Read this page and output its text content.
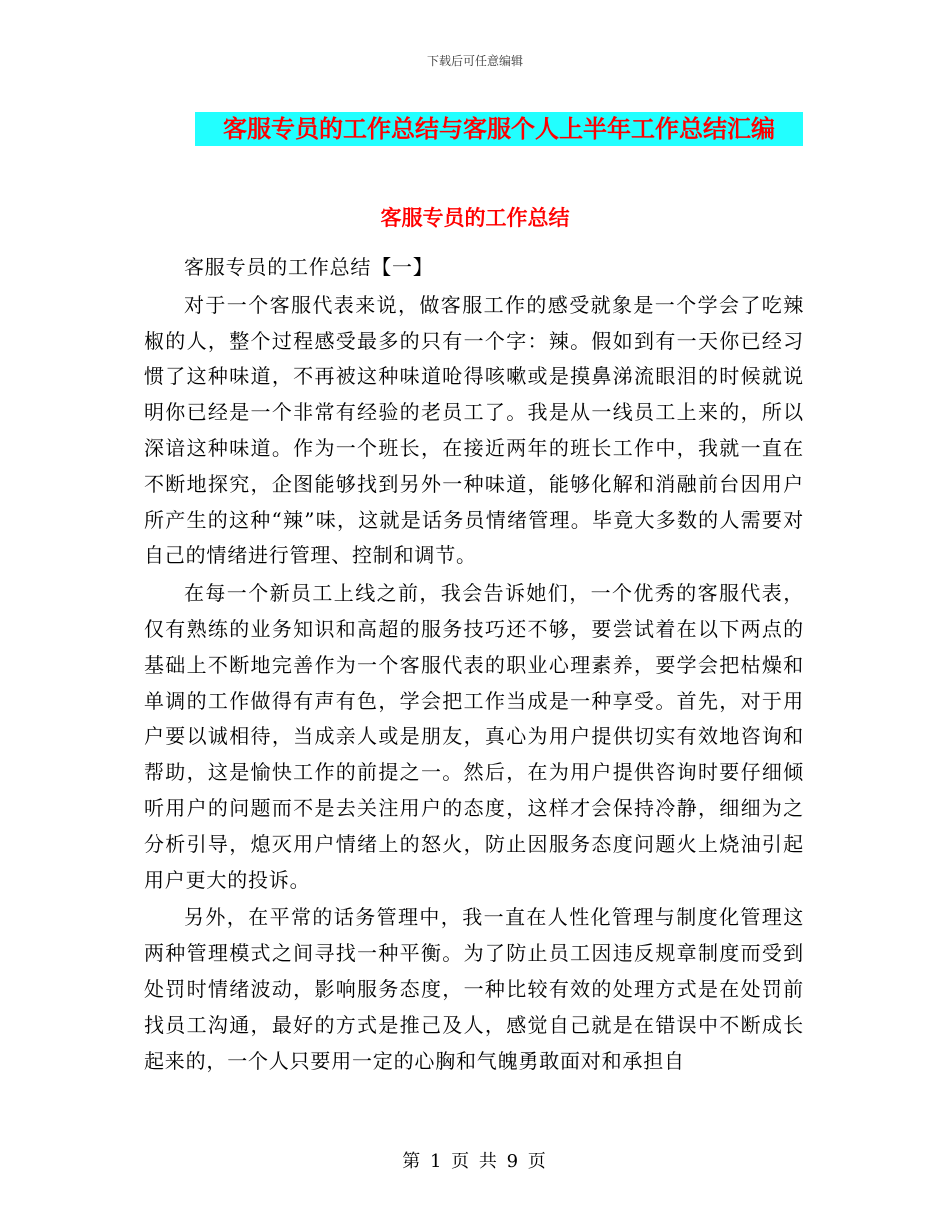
下载后可任意编辑
客服专员的工作总结与客服个人上半年工作总结汇编
客服专员的工作总结

客服专员的工作总结【一】

对于一个客服代表来说，做客服工作的感受就象是一个学会了吃辣椒的人，整个过程感受最多的只有一个字：辣。假如到有一天你已经习惯了这种味道，不再被这种味道呛得咳嗽或是摸鼻涕流眼泪的时候就说明你已经是一个非常有经验的老员工了。我是从一线员工上来的，所以深谙这种味道。作为一个班长，在接近两年的班长工作中，我就一直在不断地探究，企图能够找到另外一种味道，能够化解和消融前台因用户所产生的这种“辣”味，这就是话务员情绪管理。毕竟大多数的人需要对自己的情绪进行管理、控制和调节。

在每一个新员工上线之前，我会告诉她们，一个优秀的客服代表，仅有熟练的业务知识和高超的服务技巧还不够，要尝试着在以下两点的基础上不断地完善作为一个客服代表的职业心理素养，要学会把枯燥和单调的工作做得有声有色，学会把工作当成是一种享受。首先，对于用户要以诚相待，当成亲人或是朋友，真心为用户提供切实有效地咨询和帮助，这是愉快工作的前提之一。然后，在为用户提供咨询时要仔细倾听用户的问题而不是去关注用户的态度，这样才会保持冷静，细细为之分析引导，熄灭用户情绪上的怒火，防止因服务态度问题火上烧油引起用户更大的投诉。

另外，在平常的话务管理中，我一直在人性化管理与制度化管理这两种管理模式之间寻找一种平衡。为了防止员工因违反规章制度而受到处罚时情绪波动，影响服务态度，一种比较有效的处理方式是在处罚前找员工沟通，最好的方式是推己及人，感觉自己就是在错误中不断成长起来的，一个人只要用一定的心胸和气魄勇敢面对和承担自

第 1 页 共 9 页
